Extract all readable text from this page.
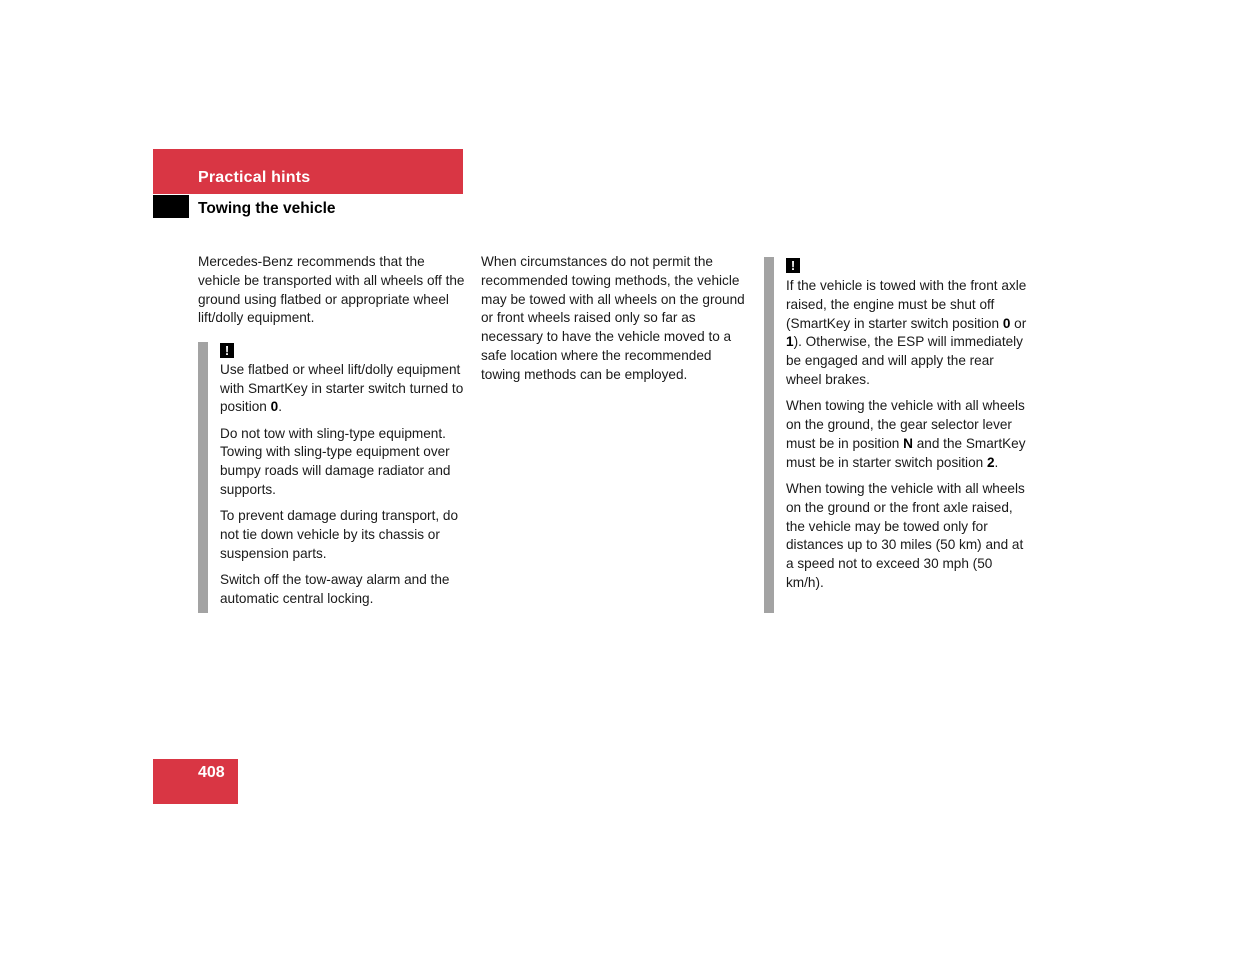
Practical hints
Towing the vehicle

Mercedes-Benz recommends that the vehicle be transported with all wheels off the ground using flatbed or appropriate wheel lift/dolly equipment.

!

Use flatbed or wheel lift/dolly equipment with SmartKey in starter switch turned to position 0.

Do not tow with sling-type equipment. Towing with sling-type equipment over bumpy roads will damage radiator and supports.

To prevent damage during transport, do not tie down vehicle by its chassis or suspension parts.

Switch off the tow-away alarm and the automatic central locking.

When circumstances do not permit the recommended towing methods, the vehicle may be towed with all wheels on the ground or front wheels raised only so far as necessary to have the vehicle moved to a safe location where the recommended towing methods can be employed.

!

If the vehicle is towed with the front axle raised, the engine must be shut off (SmartKey in starter switch position 0 or 1). Otherwise, the ESP will immediately be engaged and will apply the rear wheel brakes.

When towing the vehicle with all wheels on the ground, the gear selector lever must be in position N and the SmartKey must be in starter switch position 2.

When towing the vehicle with all wheels on the ground or the front axle raised, the vehicle may be towed only for distances up to 30 miles (50 km) and at a speed not to exceed 30 mph (50 km/h).

408
